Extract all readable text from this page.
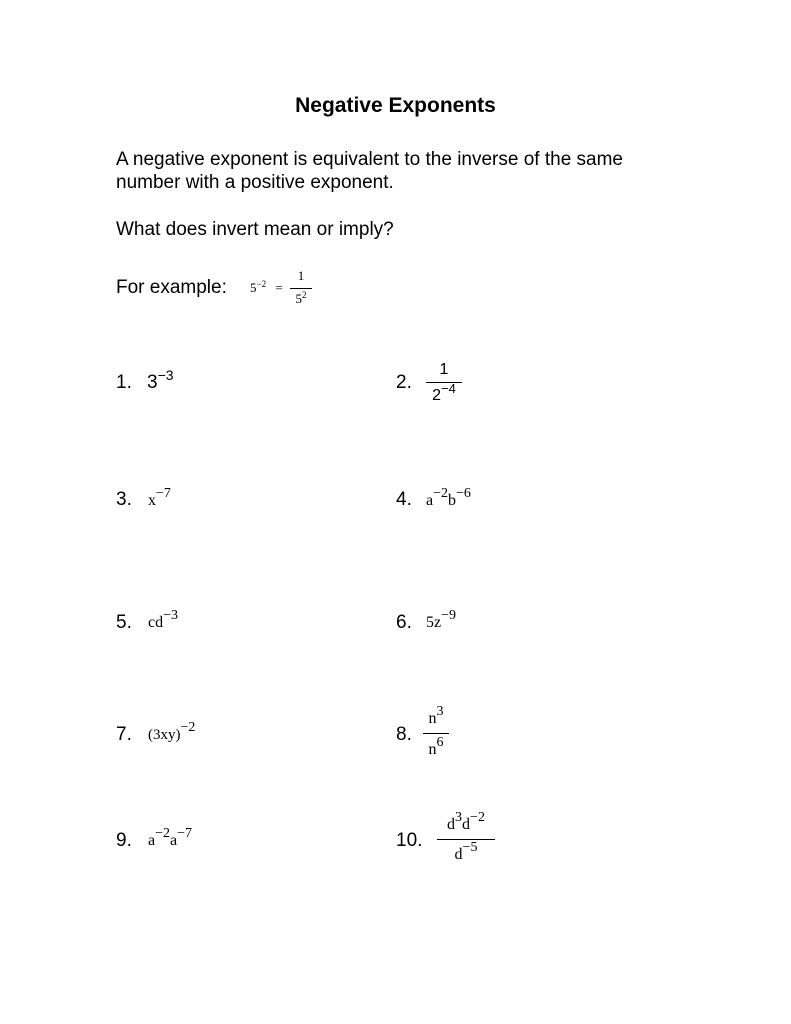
Negative Exponents
A negative exponent is equivalent to the inverse of the same
number with a positive exponent.
What does invert mean or imply?
For example: $5^{-2}$ =
1
$5^2$
1. $3^{-3}$	2.
1
$2^{-4}$
3. x−7	4. a−2b−6
5. cd−3	6. 5z−9
7. (3xy)−2	8.
n3
n6
9. a−2a−7	10.
d3d−2
d−5
